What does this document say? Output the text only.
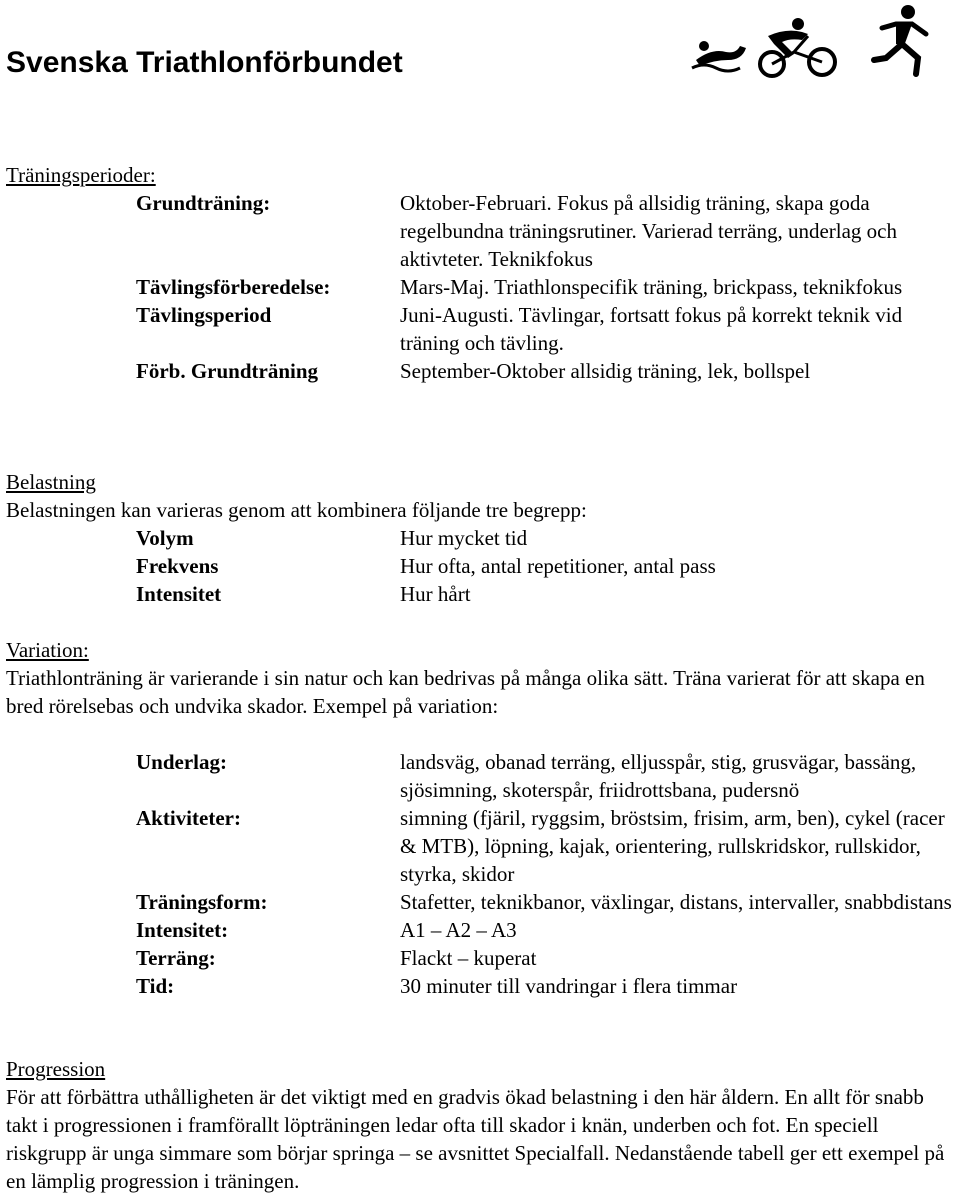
Svenska Triathlonförbundet
Träningsperioder:
Grundträning:	Oktober-Februari. Fokus på allsidig träning, skapa goda regelbundna träningsrutiner. Varierad terräng, underlag och aktivteter. Teknikfokus
Tävlingsförberedelse:	Mars-Maj. Triathlonspecifik träning, brickpass, teknikfokus
Tävlingsperiod	Juni-Augusti. Tävlingar, fortsatt fokus på korrekt teknik vid träning och tävling.
Förb. Grundträning	September-Oktober allsidig träning, lek, bollspel
Belastning
Belastningen kan varieras genom att kombinera följande tre begrepp:
Volym	Hur mycket tid
Frekvens	Hur ofta, antal repetitioner, antal pass
Intensitet	Hur hårt
Variation:
Triathlonträning är varierande i sin natur och kan bedrivas på många olika sätt. Träna varierat för att skapa en bred rörelsebas och undvika skador. Exempel på variation:
Underlag:	landsväg, obanad terräng, elljusspår, stig, grusvägar, bassäng, sjösimning, skoterspår, friidrottsbana, pudersnö
Aktiviteter:	simning (fjäril, ryggsim, bröstsim, frisim, arm, ben), cykel (racer & MTB), löpning, kajak, orientering, rullskridskor, rullskidor, styrka, skidor
Träningsform:	Stafetter, teknikbanor, växlingar, distans, intervaller, snabbdistans
Intensitet:	A1 – A2 – A3
Terräng:	Flackt – kuperat
Tid:	30 minuter till vandringar i flera timmar
Progression
För att förbättra uthålligheten är det viktigt med en gradvis ökad belastning i den här åldern. En allt för snabb takt i progressionen i framförallt löpträningen ledar ofta till skador i knän, underben och fot. En speciell riskgrupp är unga simmare som börjar springa – se avsnittet Specialfall. Nedanstående tabell ger ett exempel på en lämplig progression i träningen.
